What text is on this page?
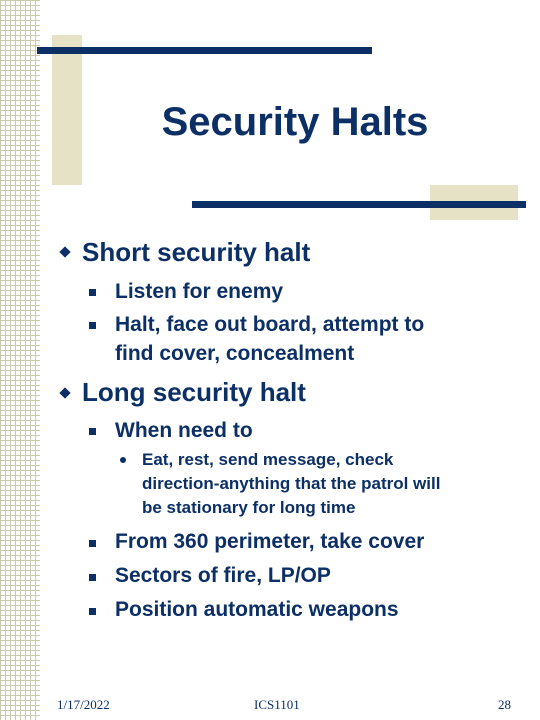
Security Halts
Short security halt
Listen for enemy
Halt, face out board, attempt to
find cover, concealment
Long security halt
When need to
Eat, rest, send message, check
direction-anything that the patrol will
be stationary for long time
From 360 perimeter, take cover
Sectors of fire, LP/OP
Position automatic weapons
1/17/2022	ICS1101	28
